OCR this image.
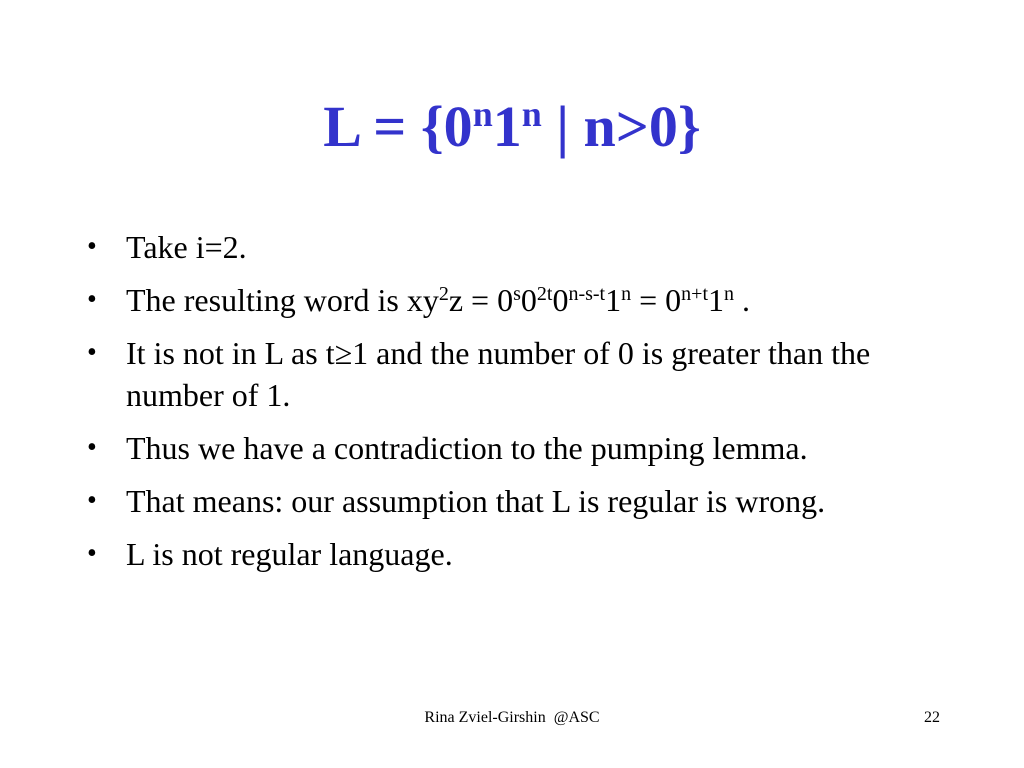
$L = \{0^n1^n$ | n>0}
• Take i=2.
• The resulting word is $xy^2z = 0^s0^{2t}0^{n-s-t}1^n = 0^{n+t}1^n$ .
• It is not in L as t≥1 and the number of 0 is greater than the number of 1.
• Thus we have a contradiction to the pumping lemma.
• That means: our assumption that L is regular is wrong.
• L is not regular language.
Rina Zviel-Girshin  @ASC	22
